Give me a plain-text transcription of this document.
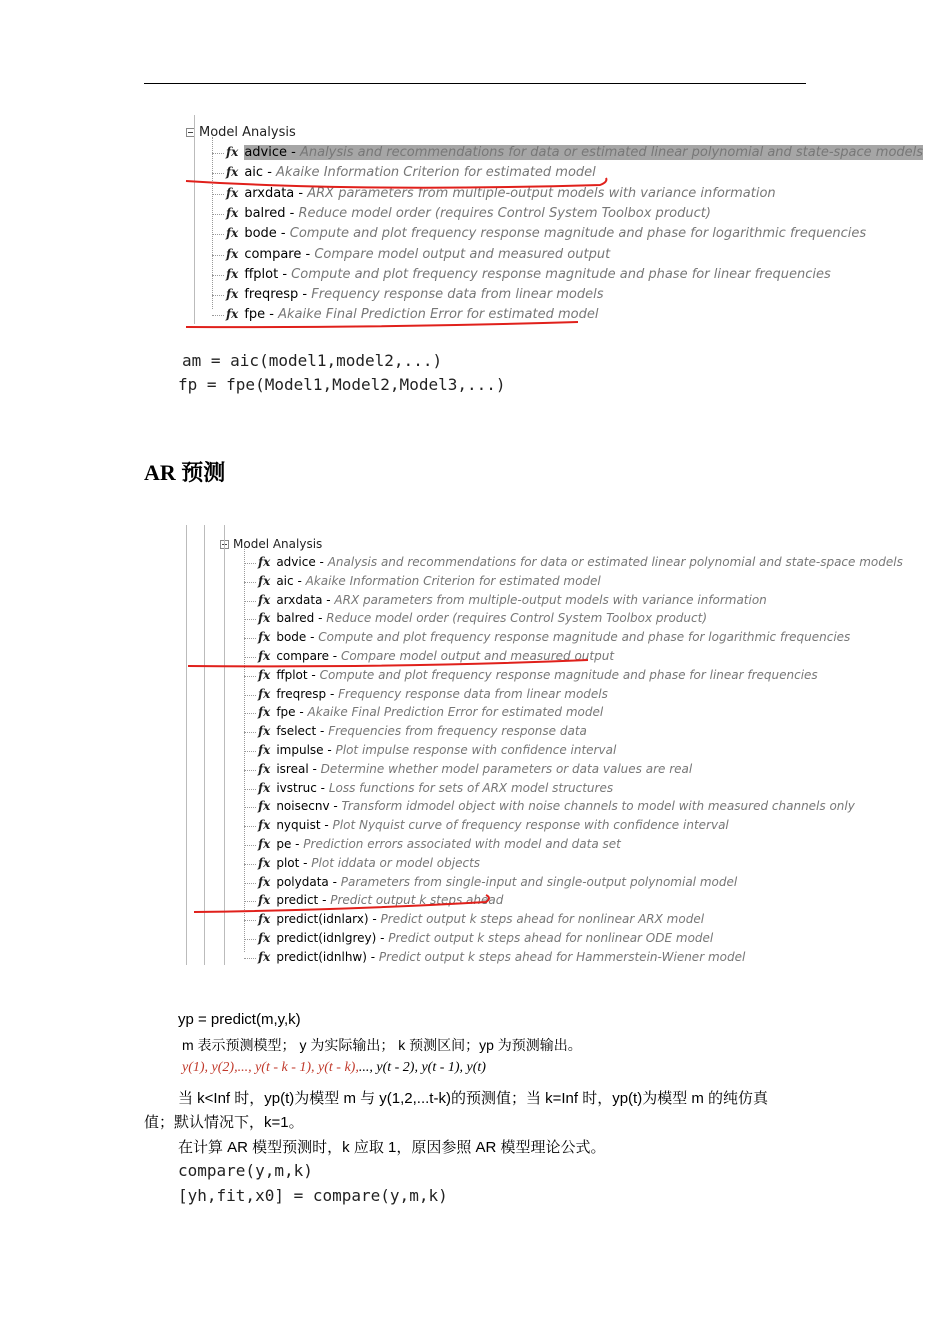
Model Analysis
fx advice - Analysis and recommendations for data or estimated linear polynomial and state-space models
fx aic - Akaike Information Criterion for estimated model
fx arxdata - ARX parameters from multiple-output models with variance information
fx balred - Reduce model order (requires Control System Toolbox product)
fx bode - Compute and plot frequency response magnitude and phase for logarithmic frequencies
fx compare - Compare model output and measured output
fx ffplot - Compute and plot frequency response magnitude and phase for linear frequencies
fx freqresp - Frequency response data from linear models
fx fpe - Akaike Final Prediction Error for estimated model
Model Analysis
fx advice - Analysis and recommendations for data or estimated linear polynomial and state-space models
fx aic - Akaike Information Criterion for estimated model
fx arxdata - ARX parameters from multiple-output models with variance information
fx balred - Reduce model order (requires Control System Toolbox product)
fx bode - Compute and plot frequency response magnitude and phase for logarithmic frequencies
fx compare - Compare model output and measured output
fx ffplot - Compute and plot frequency response magnitude and phase for linear frequencies
fx freqresp - Frequency response data from linear models
fx fpe - Akaike Final Prediction Error for estimated model
fx fselect - Frequencies from frequency response data
fx impulse - Plot impulse response with confidence interval
fx isreal - Determine whether model parameters or data values are real
fx ivstruc - Loss functions for sets of ARX model structures
fx noisecnv - Transform idmodel object with noise channels to model with measured channels only
fx nyquist - Plot Nyquist curve of frequency response with confidence interval
fx pe - Prediction errors associated with model and data set
fx plot - Plot iddata or model objects
fx polydata - Parameters from single-input and single-output polynomial model
fx predict - Predict output k steps ahead
fx predict(idnlarx) - Predict output k steps ahead for nonlinear ARX model
fx predict(idnlgrey) - Predict output k steps ahead for nonlinear ODE model
fx predict(idnlhw) - Predict output k steps ahead for Hammerstein-Wiener model
am = aic(model1,model2,...)
fp = fpe(Model1,Model2,Model3,...)
AR 预测
yp = predict(m,y,k)
m 表示预测模型； y 为实际输出； k 预测区间；yp 为预测输出。
y(1), y(2),..., y(t - k - 1), y(t - k),..., y(t - 2), y(t - 1), y(t)
当 k<Inf 时，yp(t)为模型 m 与 y(1,2,...t-k)的预测值；当 k=Inf 时，yp(t)为模型 m 的纯仿真
值；默认情况下，k=1。
在计算 AR 模型预测时，k 应取 1，原因参照 AR 模型理论公式。
compare(y,m,k)
[yh,fit,x0] = compare(y,m,k)
